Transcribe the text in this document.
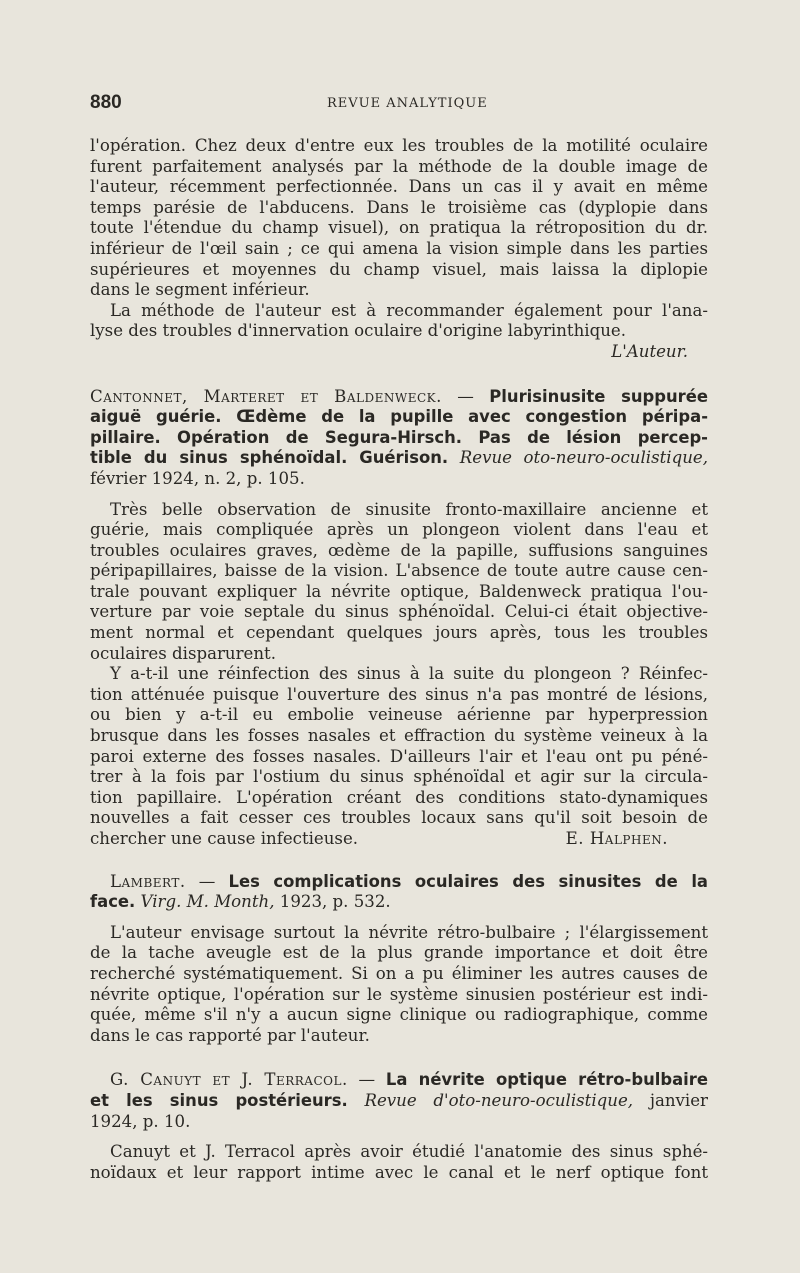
880	REVUE ANALYTIQUE
l'opération. Chez deux d'entre eux les troubles de la motilité oculaire
furent parfaitement analysés par la méthode de la double image de
l'auteur, récemment perfectionnée. Dans un cas il y avait en même
temps parésie de l'abducens. Dans le troisième cas (dyplopie dans
toute l'étendue du champ visuel), on pratiqua la rétroposition du dr.
inférieur de l'œil sain ; ce qui amena la vision simple dans les parties
supérieures et moyennes du champ visuel, mais laissa la diplopie
dans le segment inférieur.
La méthode de l'auteur est à recommander également pour l'ana-
lyse des troubles d'innervation oculaire d'origine labyrinthique.
L'Auteur.
Cantonnet, Marteret et Baldenweck. — Plurisinusite suppurée
aiguë guérie. Œdème de la pupille avec congestion péripa-
pillaire. Opération de Segura-Hirsch. Pas de lésion percep-
tible du sinus sphénoïdal. Guérison. Revue oto-neuro-oculistique,
février 1924, n. 2, p. 105.
Très belle observation de sinusite fronto-maxillaire ancienne et
guérie, mais compliquée après un plongeon violent dans l'eau et
troubles oculaires graves, œdème de la papille, suffusions sanguines
péripapillaires, baisse de la vision. L'absence de toute autre cause cen-
trale pouvant expliquer la névrite optique, Baldenweck pratiqua l'ou-
verture par voie septale du sinus sphénoïdal. Celui-ci était objective-
ment normal et cependant quelques jours après, tous les troubles
oculaires disparurent.
Y a-t-il une réinfection des sinus à la suite du plongeon ? Réinfec-
tion atténuée puisque l'ouverture des sinus n'a pas montré de lésions,
ou bien y a-t-il eu embolie veineuse aérienne par hyperpression
brusque dans les fosses nasales et effraction du système veineux à la
paroi externe des fosses nasales. D'ailleurs l'air et l'eau ont pu péné-
trer à la fois par l'ostium du sinus sphénoïdal et agir sur la circula-
tion papillaire. L'opération créant des conditions stato-dynamiques
nouvelles a fait cesser ces troubles locaux sans qu'il soit besoin de
chercher une cause infectieuse.	E. Halphen.
Lambert. — Les complications oculaires des sinusites de la
face. Virg. M. Month, 1923, p. 532.
L'auteur envisage surtout la névrite rétro-bulbaire ; l'élargissement
de la tache aveugle est de la plus grande importance et doit être
recherché systématiquement. Si on a pu éliminer les autres causes de
névrite optique, l'opération sur le système sinusien postérieur est indi-
quée, même s'il n'y a aucun signe clinique ou radiographique, comme
dans le cas rapporté par l'auteur.
G. Canuyt et J. Terracol. — La névrite optique rétro-bulbaire
et les sinus postérieurs. Revue d'oto-neuro-oculistique, janvier
1924, p. 10.
Canuyt et J. Terracol après avoir étudié l'anatomie des sinus sphé-
noïdaux et leur rapport intime avec le canal et le nerf optique font
